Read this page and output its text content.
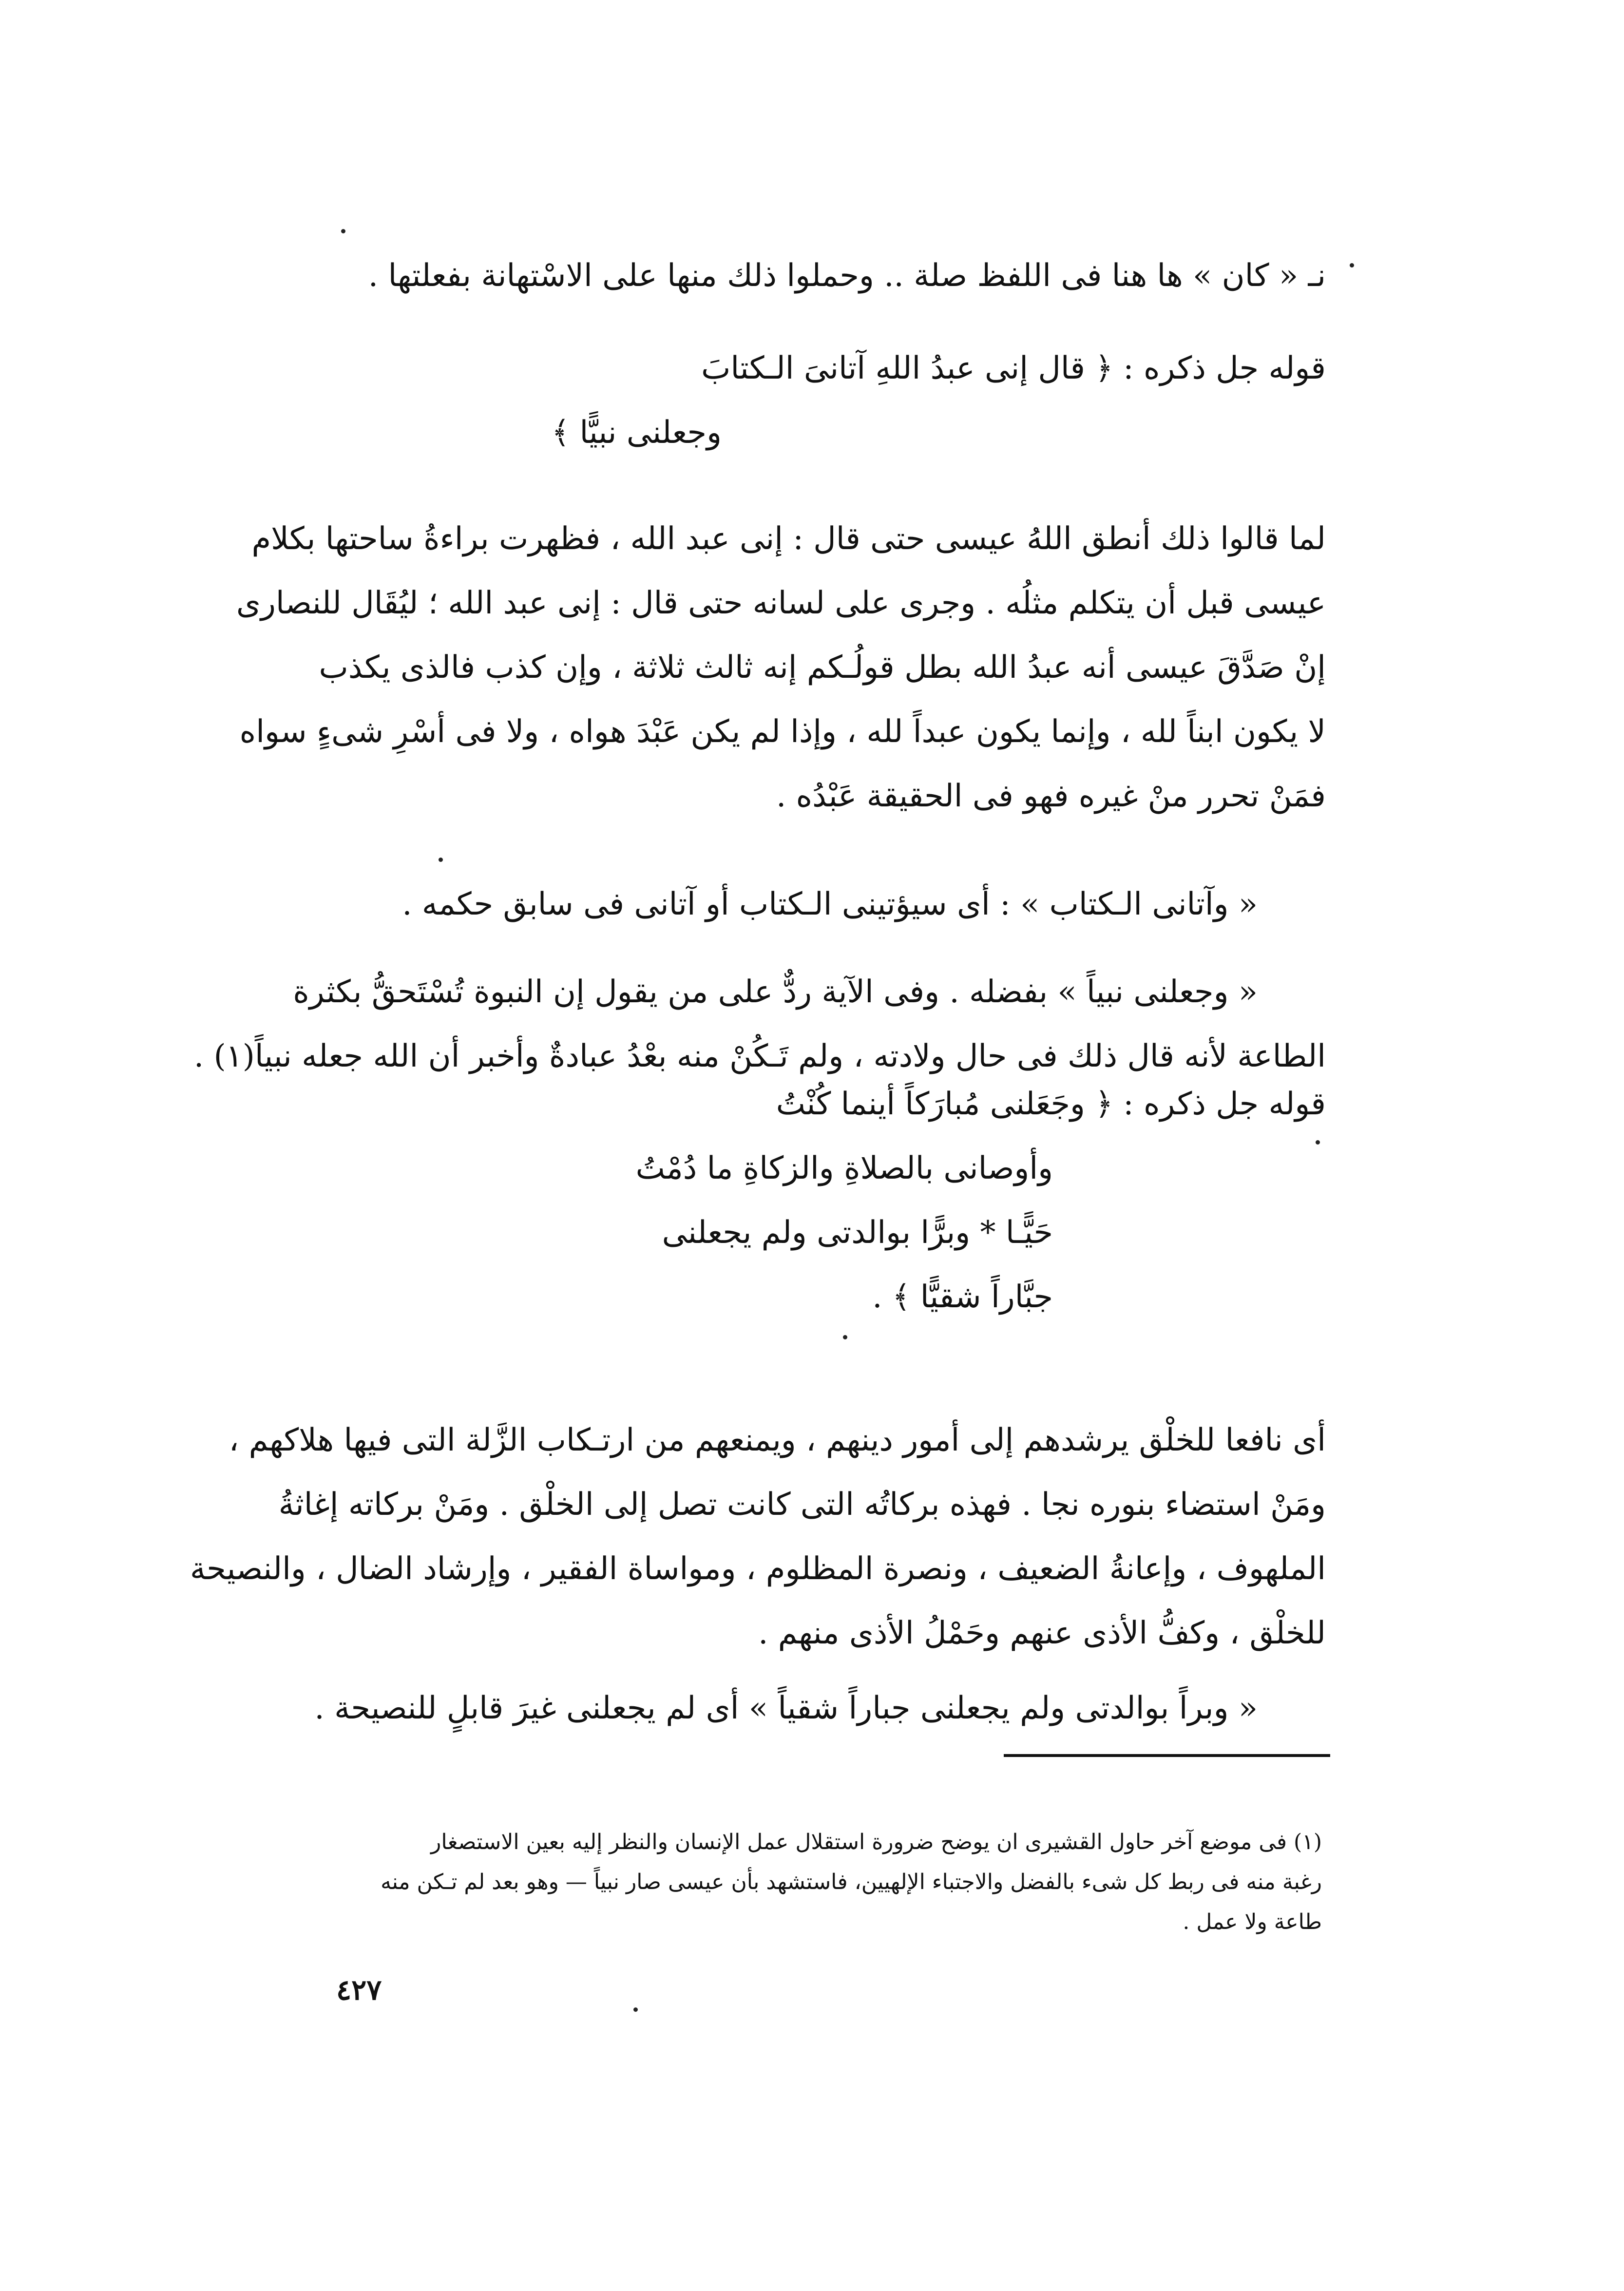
نـ « كان » ها هنا فى اللفظ صلة .. وحملوا ذلك منها على الاسْتهانة بفعلتها .
قوله جل ذكره : ﴿ قال إنى عبدُ اللهِ آتانىَ الـكتابَ
وجعلنى نبيًّا ﴾
لما قالوا ذلك أنطق اللهُ عيسى حتى قال : إنى عبد الله ، فظهرت براءةُ ساحتها بكلام
عيسى قبل أن يتكلم مثلُه . وجرى على لسانه حتى قال : إنى عبد الله ؛ ليُقَال للنصارى
إنْ صَدَّقَ عيسى أنه عبدُ الله بطل قولُـكم إنه ثالث ثلاثة ، وإن كذب فالذى يكذب
لا يكون ابناً لله ، وإنما يكون عبداً لله ، وإذا لم يكن عَبْدَ هواه ، ولا فى أسْرِ شىءٍ سواه
فمَنْ تحرر منْ غيره فهو فى الحقيقة عَبْدُه .
« وآتانى الـكتاب » : أى سيؤتينى الـكتاب أو آتانى فى سابق حكمه .
« وجعلنى نبياً » بفضله . وفى الآية ردٌّ على من يقول إن النبوة تُسْتَحقُّ بكثرة
الطاعة لأنه قال ذلك فى حال ولادته ، ولم تَـكُنْ منه بعْدُ عبادةٌ وأخبر أن الله جعله نبياً(١) .
قوله جل ذكره : ﴿ وجَعَلنى مُبارَكاً أينما كُنْتُ
وأوصانى بالصلاةِ والزكاةِ ما دُمْتُ
حَيًّـا * وبرًّا بوالدتى ولم يجعلنى
جبَّاراً شقيًّا ﴾ .
أى نافعا للخلْق يرشدهم إلى أمور دينهم ، ويمنعهم من ارتـكاب الزَّلة التى فيها هلاكهم ،
ومَنْ استضاء بنوره نجا . فهذه بركاتُه التى كانت تصل إلى الخلْق . ومَنْ بركاته إغاثةُ
الملهوف ، وإعانةُ الضعيف ، ونصرة المظلوم ، ومواساة الفقير ، وإرشاد الضال ، والنصيحة
للخلْق ، وكفُّ الأذى عنهم وحَمْلُ الأذى منهم .
« وبراً بوالدتى ولم يجعلنى جباراً شقياً » أى لم يجعلنى غيرَ قابلٍ للنصيحة .
(١) فى موضع آخر حاول القشيرى ان يوضح ضرورة استقلال عمل الإنسان والنظر إليه بعين الاستصغار
رغبة منه فى ربط كل شىء بالفضل والاجتباء الإلهيين، فاستشهد بأن عيسى صار نبياً — وهو بعد لم تـكن منه
طاعة ولا عمل .
٤٢٧
